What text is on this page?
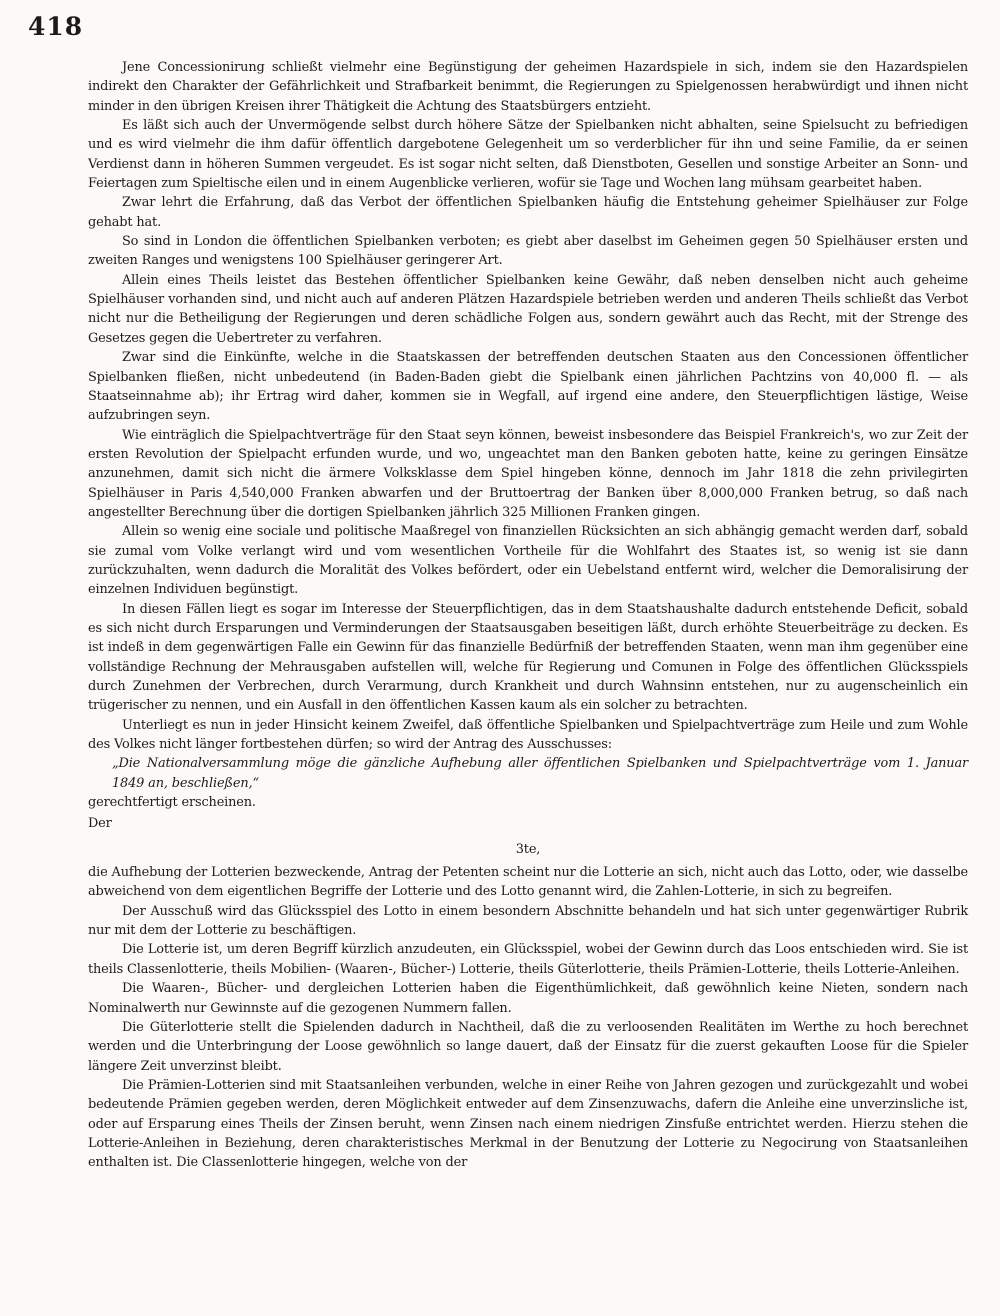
418

Jene Concessionirung schließt vielmehr eine Begünstigung der geheimen Hazardspiele in sich, indem sie den Hazardspielen indirekt den Charakter der Gefährlichkeit und Strafbarkeit benimmt, die Regierungen zu Spielgenossen herabwürdigt und ihnen nicht minder in den übrigen Kreisen ihrer Thätigkeit die Achtung des Staatsbürgers entzieht.

Es läßt sich auch der Unvermögende selbst durch höhere Sätze der Spielbanken nicht abhalten, seine Spielsucht zu befriedigen und es wird vielmehr die ihm dafür öffentlich dargebotene Gelegenheit um so verderblicher für ihn und seine Familie, da er seinen Verdienst dann in höheren Summen vergeudet. Es ist sogar nicht selten, daß Dienstboten, Gesellen und sonstige Arbeiter an Sonn- und Feiertagen zum Spieltische eilen und in einem Augenblicke verlieren, wofür sie Tage und Wochen lang mühsam gearbeitet haben.

Zwar lehrt die Erfahrung, daß das Verbot der öffentlichen Spielbanken häufig die Entstehung geheimer Spielhäuser zur Folge gehabt hat.

So sind in London die öffentlichen Spielbanken verboten; es giebt aber daselbst im Geheimen gegen 50 Spielhäuser ersten und zweiten Ranges und wenigstens 100 Spielhäuser geringerer Art.

Allein eines Theils leistet das Bestehen öffentlicher Spielbanken keine Gewähr, daß neben denselben nicht auch geheime Spielhäuser vorhanden sind, und nicht auch auf anderen Plätzen Hazardspiele betrieben werden und anderen Theils schließt das Verbot nicht nur die Betheiligung der Regierungen und deren schädliche Folgen aus, sondern gewährt auch das Recht, mit der Strenge des Gesetzes gegen die Uebertreter zu verfahren.

Zwar sind die Einkünfte, welche in die Staatskassen der betreffenden deutschen Staaten aus den Concessionen öffentlicher Spielbanken fließen, nicht unbedeutend (in Baden-Baden giebt die Spielbank einen jährlichen Pachtzins von 40,000 fl. — als Staatseinnahme ab); ihr Ertrag wird daher, kommen sie in Wegfall, auf irgend eine andere, den Steuerpflichtigen lästige, Weise aufzubringen seyn.

Wie einträglich die Spielpachtverträge für den Staat seyn können, beweist insbesondere das Beispiel Frankreich's, wo zur Zeit der ersten Revolution der Spielpacht erfunden wurde, und wo, ungeachtet man den Banken geboten hatte, keine zu geringen Einsätze anzunehmen, damit sich nicht die ärmere Volksklasse dem Spiel hingeben könne, dennoch im Jahr 1818 die zehn privilegirten Spielhäuser in Paris 4,540,000 Franken abwarfen und der Bruttoertrag der Banken über 8,000,000 Franken betrug, so daß nach angestellter Berechnung über die dortigen Spielbanken jährlich 325 Millionen Franken gingen.

Allein so wenig eine sociale und politische Maaßregel von finanziellen Rücksichten an sich abhängig gemacht werden darf, sobald sie zumal vom Volke verlangt wird und vom wesentlichen Vortheile für die Wohlfahrt des Staates ist, so wenig ist sie dann zurückzuhalten, wenn dadurch die Moralität des Volkes befördert, oder ein Uebelstand entfernt wird, welcher die Demoralisirung der einzelnen Individuen begünstigt.

In diesen Fällen liegt es sogar im Interesse der Steuerpflichtigen, das in dem Staatshaushalte dadurch entstehende Deficit, sobald es sich nicht durch Ersparungen und Verminderungen der Staatsausgaben beseitigen läßt, durch erhöhte Steuerbeiträge zu decken. Es ist indeß in dem gegenwärtigen Falle ein Gewinn für das finanzielle Bedürfniß der betreffenden Staaten, wenn man ihm gegenüber eine vollständige Rechnung der Mehrausgaben aufstellen will, welche für Regierung und Comunen in Folge des öffentlichen Glücksspiels durch Zunehmen der Verbrechen, durch Verarmung, durch Krankheit und durch Wahnsinn entstehen, nur zu augenscheinlich ein trügerischer zu nennen, und ein Ausfall in den öffentlichen Kassen kaum als ein solcher zu betrachten.

Unterliegt es nun in jeder Hinsicht keinem Zweifel, daß öffentliche Spielbanken und Spielpachtverträge zum Heile und zum Wohle des Volkes nicht länger fortbestehen dürfen; so wird der Antrag des Ausschusses:

„Die Nationalversammlung möge die gänzliche Aufhebung aller öffentlichen Spielbanken und Spielpachtverträge vom 1. Januar 1849 an, beschließen,“

gerechtfertigt erscheinen.

Der

3te,

die Aufhebung der Lotterien bezweckende, Antrag der Petenten scheint nur die Lotterie an sich, nicht auch das Lotto, oder, wie dasselbe abweichend von dem eigentlichen Begriffe der Lotterie und des Lotto genannt wird, die Zahlen-Lotterie, in sich zu begreifen.

Der Ausschuß wird das Glücksspiel des Lotto in einem besondern Abschnitte behandeln und hat sich unter gegenwärtiger Rubrik nur mit dem der Lotterie zu beschäftigen.

Die Lotterie ist, um deren Begriff kürzlich anzudeuten, ein Glücksspiel, wobei der Gewinn durch das Loos entschieden wird. Sie ist theils Classenlotterie, theils Mobilien- (Waaren-, Bücher-) Lotterie, theils Güterlotterie, theils Prämien-Lotterie, theils Lotterie-Anleihen.

Die Waaren-, Bücher- und dergleichen Lotterien haben die Eigenthümlichkeit, daß gewöhnlich keine Nieten, sondern nach Nominalwerth nur Gewinnste auf die gezogenen Nummern fallen.

Die Güterlotterie stellt die Spielenden dadurch in Nachtheil, daß die zu verloosenden Realitäten im Werthe zu hoch berechnet werden und die Unterbringung der Loose gewöhnlich so lange dauert, daß der Einsatz für die zuerst gekauften Loose für die Spieler längere Zeit unverzinst bleibt.

Die Prämien-Lotterien sind mit Staatsanleihen verbunden, welche in einer Reihe von Jahren gezogen und zurückgezahlt und wobei bedeutende Prämien gegeben werden, deren Möglichkeit entweder auf dem Zinsenzuwachs, dafern die Anleihe eine unverzinsliche ist, oder auf Ersparung eines Theils der Zinsen beruht, wenn Zinsen nach einem niedrigen Zinsfuße entrichtet werden. Hierzu stehen die Lotterie-Anleihen in Beziehung, deren charakteristisches Merkmal in der Benutzung der Lotterie zu Negocirung von Staatsanleihen enthalten ist. Die Classenlotterie hingegen, welche von der
